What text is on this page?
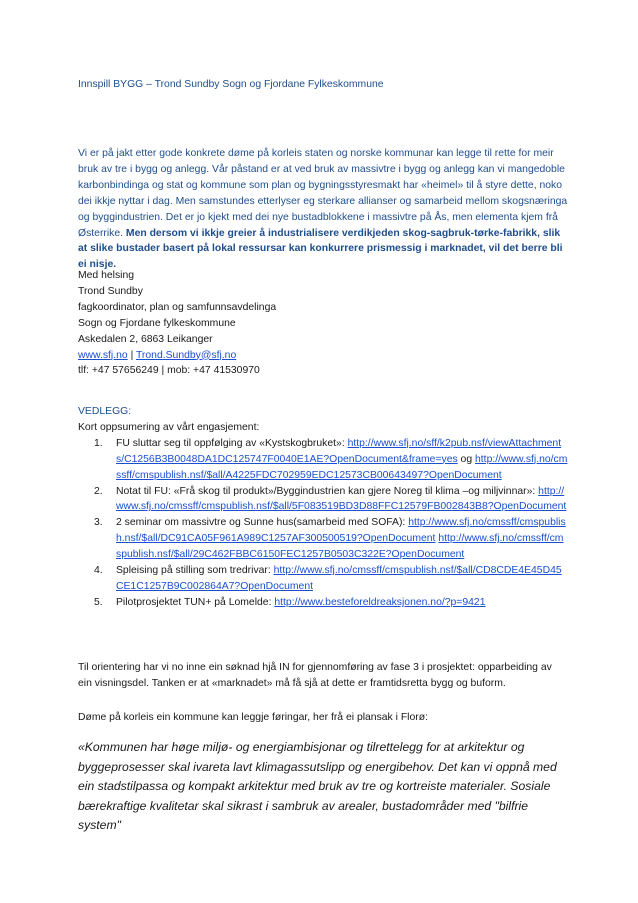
Innspill BYGG – Trond Sundby Sogn og Fjordane Fylkeskommune
Vi er på jakt etter gode konkrete døme på korleis staten og norske kommunar kan legge til rette for meir bruk av tre i bygg og anlegg. Vår påstand er at ved bruk av massivtre i bygg og anlegg kan vi mangedoble karbonbindinga og stat og kommune som plan og bygningsstyresmakt har «heimel» til å styre dette, noko dei ikkje nyttar i dag. Men samstundes etterlyser eg sterkare allianser og samarbeid mellom skogsnæringa og byggindustrien. Det er jo kjekt med dei nye bustadblokkene i massivtre på Ås, men elementa kjem frå Østerrike. Men dersom vi ikkje greier å industrialisere verdikjeden skog-sagbruk-tørke-fabrikk, slik at slike bustader basert på lokal ressursar kan konkurrere prismessig i marknadet, vil det berre bli ei nisje.
Med helsing
Trond Sundby
fagkoordinator, plan og samfunnsavdelinga
Sogn og Fjordane fylkeskommune
Askedalen 2, 6863 Leikanger
www.sfj.no | Trond.Sundby@sfj.no
tlf: +47 57656249 | mob: +47 41530970
VEDLEGG:
Kort oppsumering av vårt engasjement:
1. FU sluttar seg til oppfølging av «Kystskogbruket»: http://www.sfj.no/sff/k2pub.nsf/viewAttachments/C1256B3B0048DA1DC125747F0040E1AE?OpenDocument&frame=yes og http://www.sfj.no/cmssff/cmspublish.nsf/$all/A4225FDC702959EDC12573CB00643497?OpenDocument
2. Notat til FU: «Frå skog til produkt»/Byggindustrien kan gjere Noreg til klima –og miljvinnar»: http://www.sfj.no/cmssff/cmspublish.nsf/$all/5F083519BD3D88FFC12579FB002843B8?OpenDocument
3. 2 seminar om massivtre og Sunne hus(samarbeid med SOFA): http://www.sfj.no/cmssff/cmspublish.nsf/$all/DC91CA05F961A989C1257AF300500519?OpenDocument http://www.sfj.no/cmssff/cmspublish.nsf/$all/29C462FBBC6150FEC1257B0503C322E?OpenDocument
4. Spleising på stilling som tredrivar: http://www.sfj.no/cmssff/cmspublish.nsf/$all/CD8CDE4E45D45CE1C1257B9C002864A7?OpenDocument
5. Pilotprosjektet TUN+ på Lomelde: http://www.besteforeldreaksjonen.no/?p=9421
Til orientering har vi no inne ein søknad hjå IN for gjennomføring av fase 3 i prosjektet: opparbeiding av ein visningsdel. Tanken er at «marknadet» må få sjå at dette er framtidsretta bygg og buform.
Døme på korleis ein kommune kan leggje føringar, her frå ei plansak i Florø:
«Kommunen har høge miljø- og energiambisjonar og tilrettelegg for at arkitektur og byggeprosesser skal ivareta lavt klimagassutslipp og energibehov. Det kan vi oppnå med ein stadstilpassa og kompakt arkitektur med bruk av tre og kortreiste materialer. Sosiale bærekraftige kvalitetar skal sikrast i sambruk av arealer, bustadområder med "bilfrie system"
